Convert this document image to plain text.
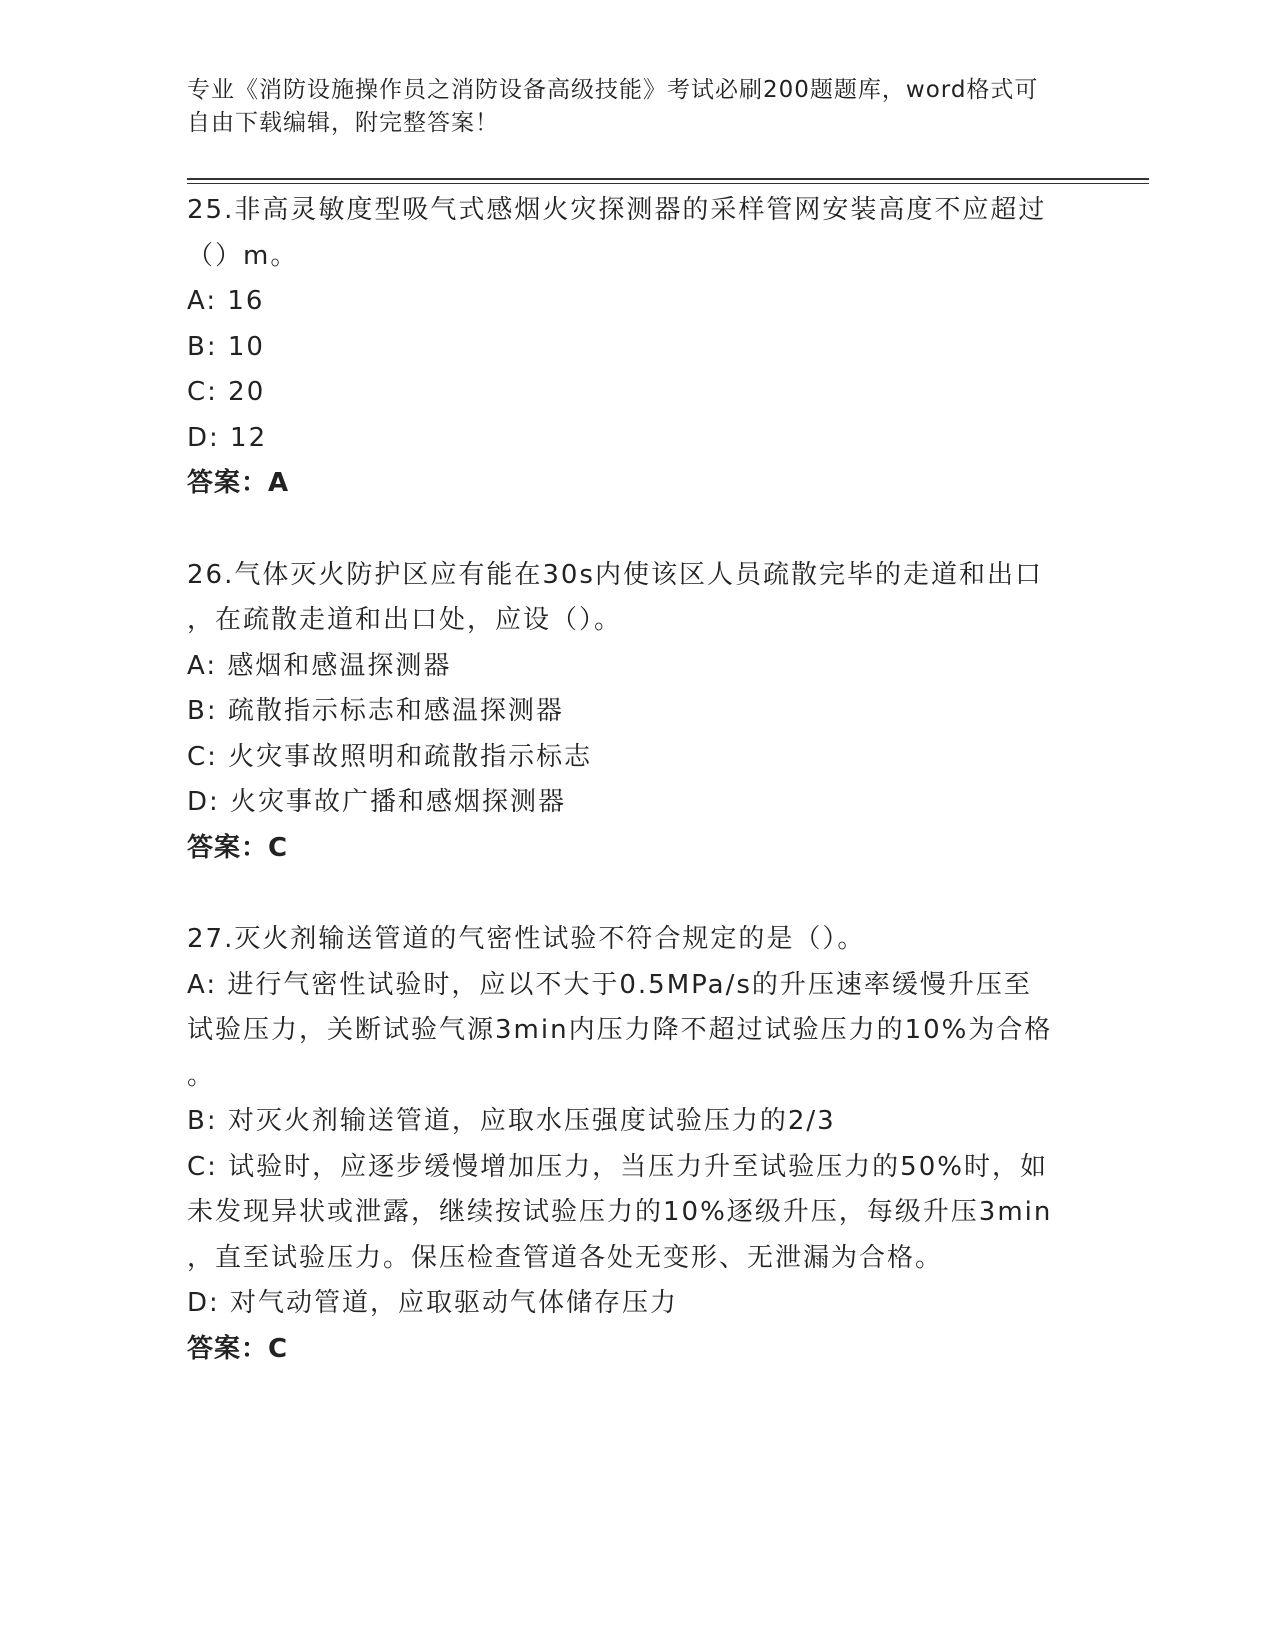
专业《消防设施操作员之消防设备高级技能》考试必刷200题题库，word格式可
自由下载编辑，附完整答案！
25.非高灵敏度型吸气式感烟火灾探测器的采样管网安装高度不应超过
（）m。
A: 16
B: 10
C: 20
D: 12
答案：A
26.气体灭火防护区应有能在30s内使该区人员疏散完毕的走道和出口
，在疏散走道和出口处，应设（）。
A: 感烟和感温探测器
B: 疏散指示标志和感温探测器
C: 火灾事故照明和疏散指示标志
D: 火灾事故广播和感烟探测器
答案：C
27.灭火剂输送管道的气密性试验不符合规定的是（）。
A: 进行气密性试验时，应以不大于0.5MPa/s的升压速率缓慢升压至
试验压力，关断试验气源3min内压力降不超过试验压力的10%为合格
。
B: 对灭火剂输送管道，应取水压强度试验压力的2/3
C: 试验时，应逐步缓慢增加压力，当压力升至试验压力的50%时，如
未发现异状或泄露，继续按试验压力的10%逐级升压，每级升压3min
，直至试验压力。保压检查管道各处无变形、无泄漏为合格。
D: 对气动管道，应取驱动气体储存压力
答案：C
